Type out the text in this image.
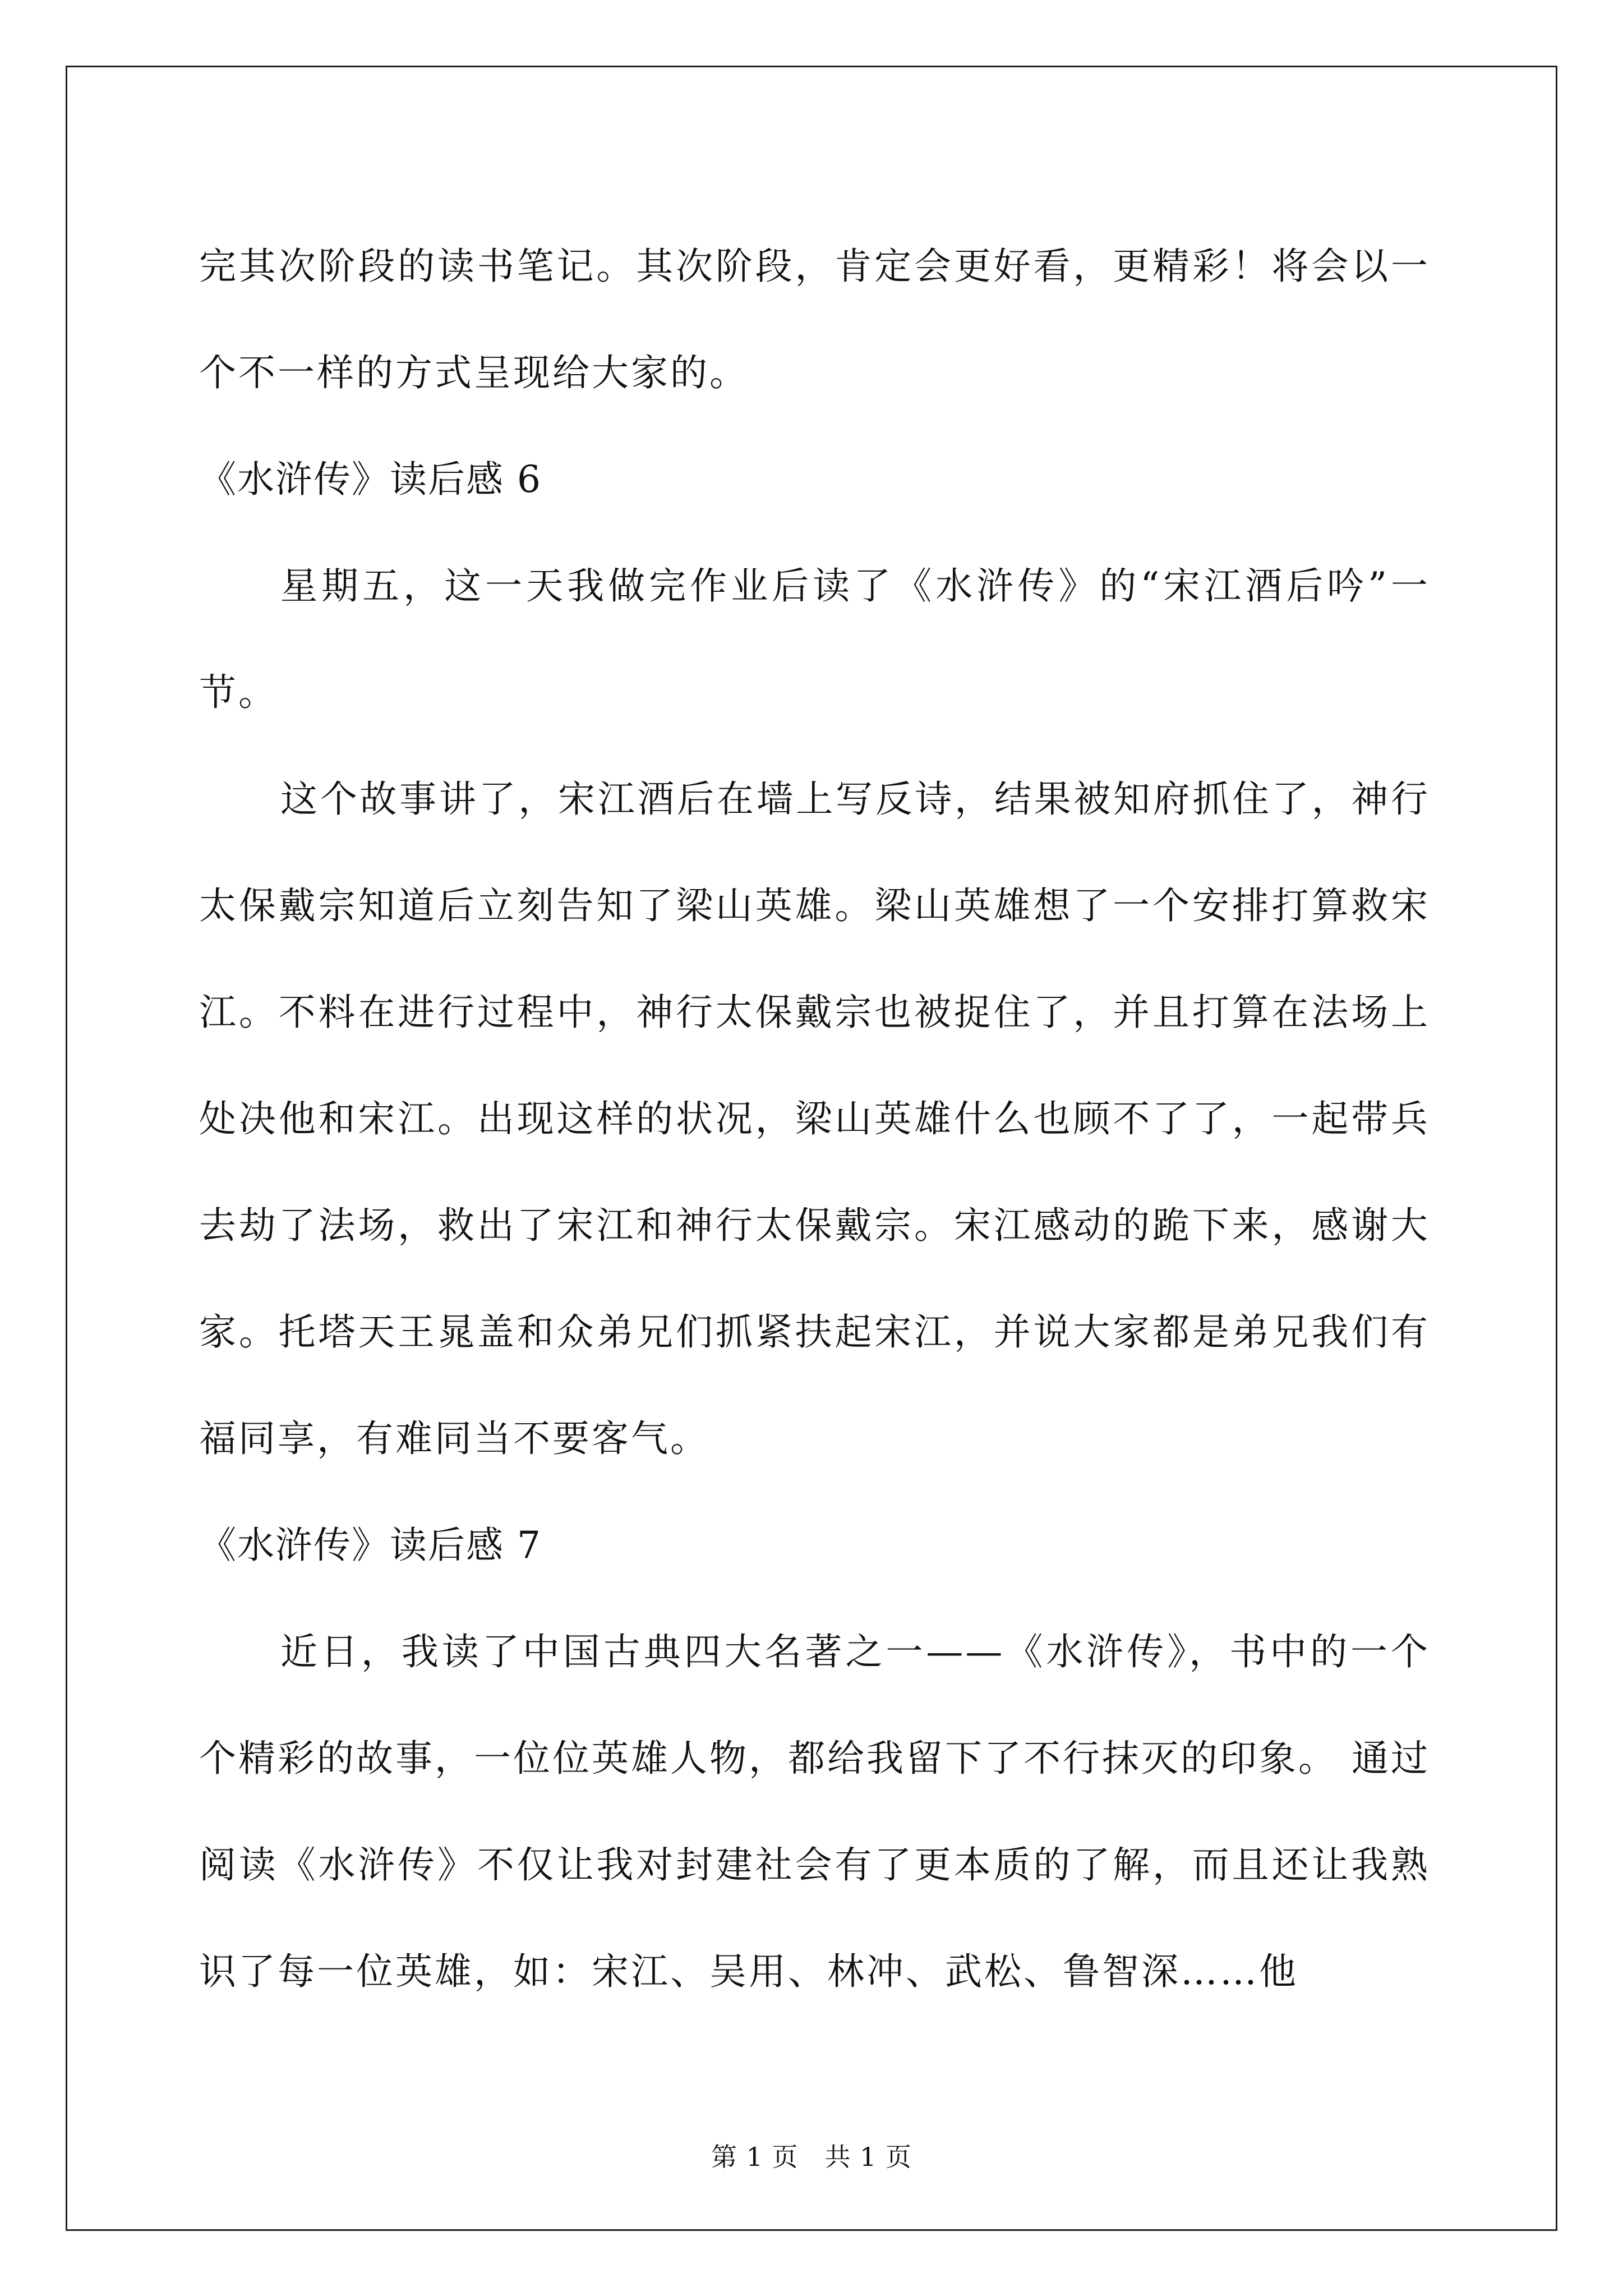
完其次阶段的读书笔记。其次阶段，肯定会更好看，更精彩！将会以一个不一样的方式呈现给大家的。

《水浒传》读后感 6

星期五，这一天我做完作业后读了《水浒传》的“宋江酒后吟”一节。

这个故事讲了，宋江酒后在墙上写反诗，结果被知府抓住了，神行太保戴宗知道后立刻告知了梁山英雄。梁山英雄想了一个安排打算救宋江。不料在进行过程中，神行太保戴宗也被捉住了，并且打算在法场上处决他和宋江。出现这样的状况，梁山英雄什么也顾不了了，一起带兵去劫了法场，救出了宋江和神行太保戴宗。宋江感动的跪下来，感谢大家。托塔天王晁盖和众弟兄们抓紧扶起宋江，并说大家都是弟兄我们有福同享，有难同当不要客气。

《水浒传》读后感 7

近日，我读了中国古典四大名著之一——《水浒传》，书中的一个个精彩的故事，一位位英雄人物，都给我留下了不行抹灭的印象。 通过阅读《水浒传》不仅让我对封建社会有了更本质的了解，而且还让我熟识了每一位英雄，如：宋江、吴用、林冲、武松、鲁智深……他

第 1 页　共 1 页
